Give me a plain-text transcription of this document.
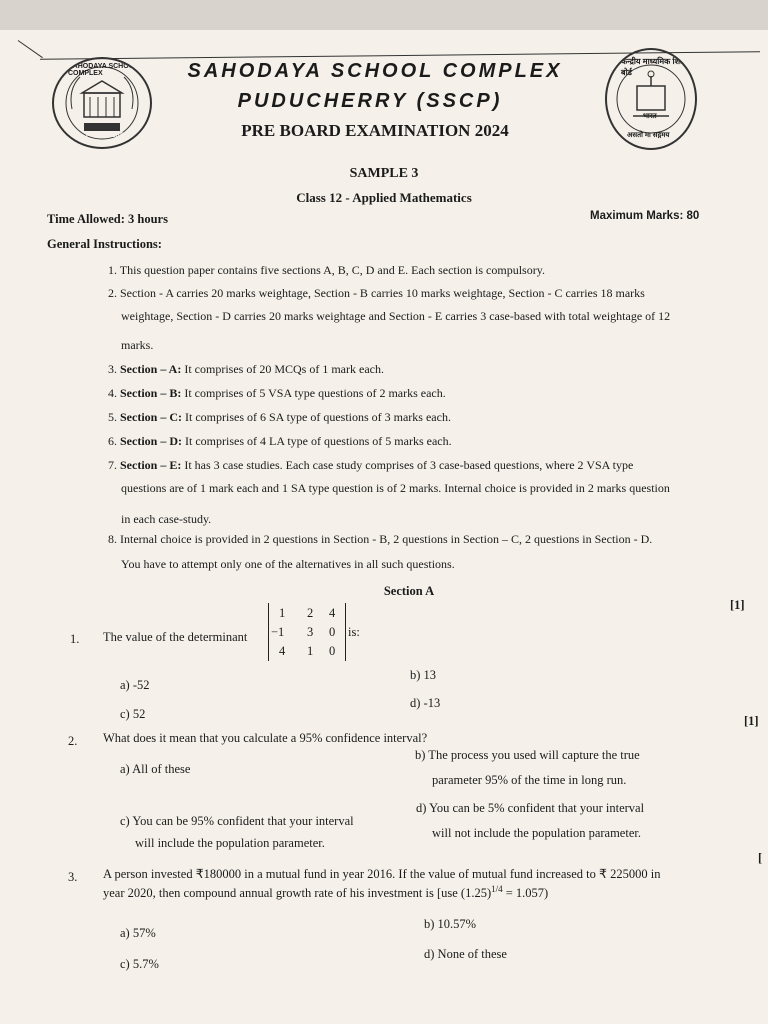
SAHODAYA SCHOOL COMPLEX
PUDUCHERRY
केन्द्रीय माध्यमिक शिक्षा बोर्ड
भारत
असतो मा सद्गमय
SAHODAYA SCHOOL COMPLEX
PUDUCHERRY (SSCP)
PRE BOARD EXAMINATION 2024
SAMPLE 3
Class 12 - Applied Mathematics
Time Allowed: 3 hours	Maximum Marks: 80
General Instructions:
1. This question paper contains five sections A, B, C, D and E. Each section is compulsory.
2. Section - A carries 20 marks weightage, Section - B carries 10 marks weightage, Section - C carries 18 marks
weightage, Section - D carries 20 marks weightage and Section - E carries 3 case-based with total weightage of 12
marks.
3. Section – A: It comprises of 20 MCQs of 1 mark each.
4. Section – B: It comprises of 5 VSA type questions of 2 marks each.
5. Section – C: It comprises of 6 SA type of questions of 3 marks each.
6. Section – D: It comprises of 4 LA type of questions of 5 marks each.
7. Section – E: It has 3 case studies. Each case study comprises of 3 case-based questions, where 2 VSA type
questions are of 1 mark each and 1 SA type question is of 2 marks. Internal choice is provided in 2 marks question
in each case-study.
8. Internal choice is provided in 2 questions in Section - B, 2 questions in Section – C, 2 questions in Section - D.
You have to attempt only one of the alternatives in all such questions.
Section A
1. The value of the determinant
1 2 4
−1 3 0
4 1 0
is:
[1]
a) -52
b) 13
c) 52
d) -13
2. What does it mean that you calculate a 95% confidence interval?
[1]
a) All of these
b) The process you used will capture the true
parameter 95% of the time in long run.
c) You can be 95% confident that your interval
will include the population parameter.
d) You can be 5% confident that your interval
will not include the population parameter.
3. A person invested ₹180000 in a mutual fund in year 2016. If the value of mutual fund increased to ₹ 225000 in
[
year 2020, then compound annual growth rate of his investment is [use $(1.25)^{1/4} = 1.057$)
a) 57%
b) 10.57%
c) 5.7%
d) None of these
